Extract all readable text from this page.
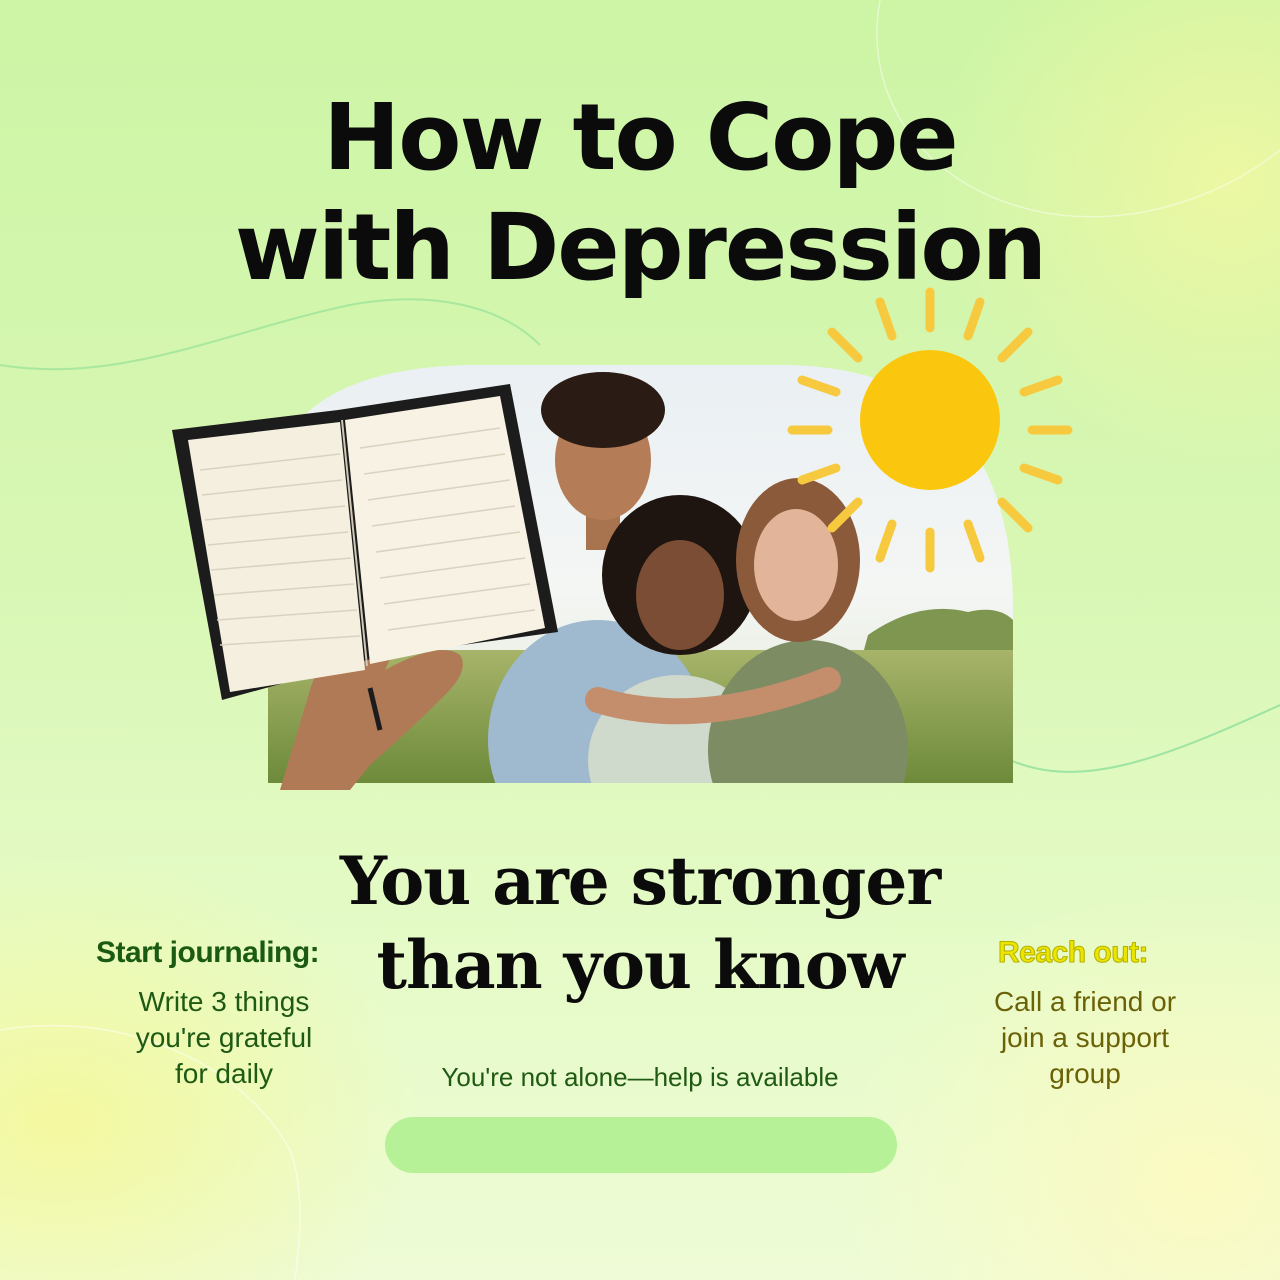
How to Cope
with Depression
You are stronger
than you know

Start journaling:

Write 3 things
you're grateful
for daily

Reach out:

Call a friend or
join a support
group

You're not alone—help is available
